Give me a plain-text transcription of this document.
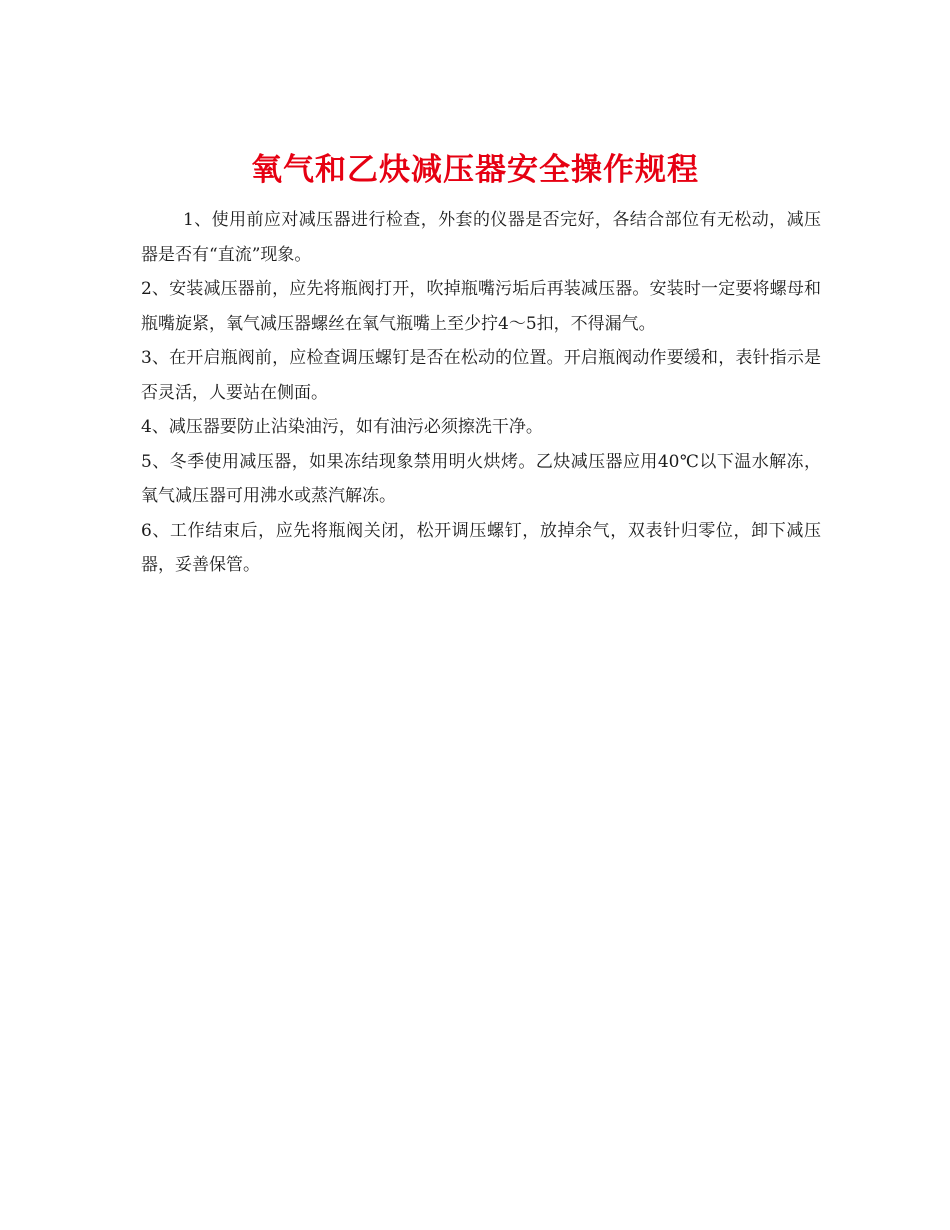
氧气和乙炔减压器安全操作规程

1、使用前应对减压器进行检查，外套的仪器是否完好，各结合部位有无松动，减压器是否有“直流”现象。

2、安装减压器前，应先将瓶阀打开，吹掉瓶嘴污垢后再装减压器。安装时一定要将螺母和瓶嘴旋紧，氧气减压器螺丝在氧气瓶嘴上至少拧4～5扣，不得漏气。

3、在开启瓶阀前，应检查调压螺钉是否在松动的位置。开启瓶阀动作要缓和，表针指示是否灵活，人要站在侧面。

4、减压器要防止沾染油污，如有油污必须擦洗干净。

5、冬季使用减压器，如果冻结现象禁用明火烘烤。乙炔减压器应用40℃以下温水解冻，氧气减压器可用沸水或蒸汽解冻。

6、工作结束后，应先将瓶阀关闭，松开调压螺钉，放掉余气，双表针归零位，卸下减压器，妥善保管。
